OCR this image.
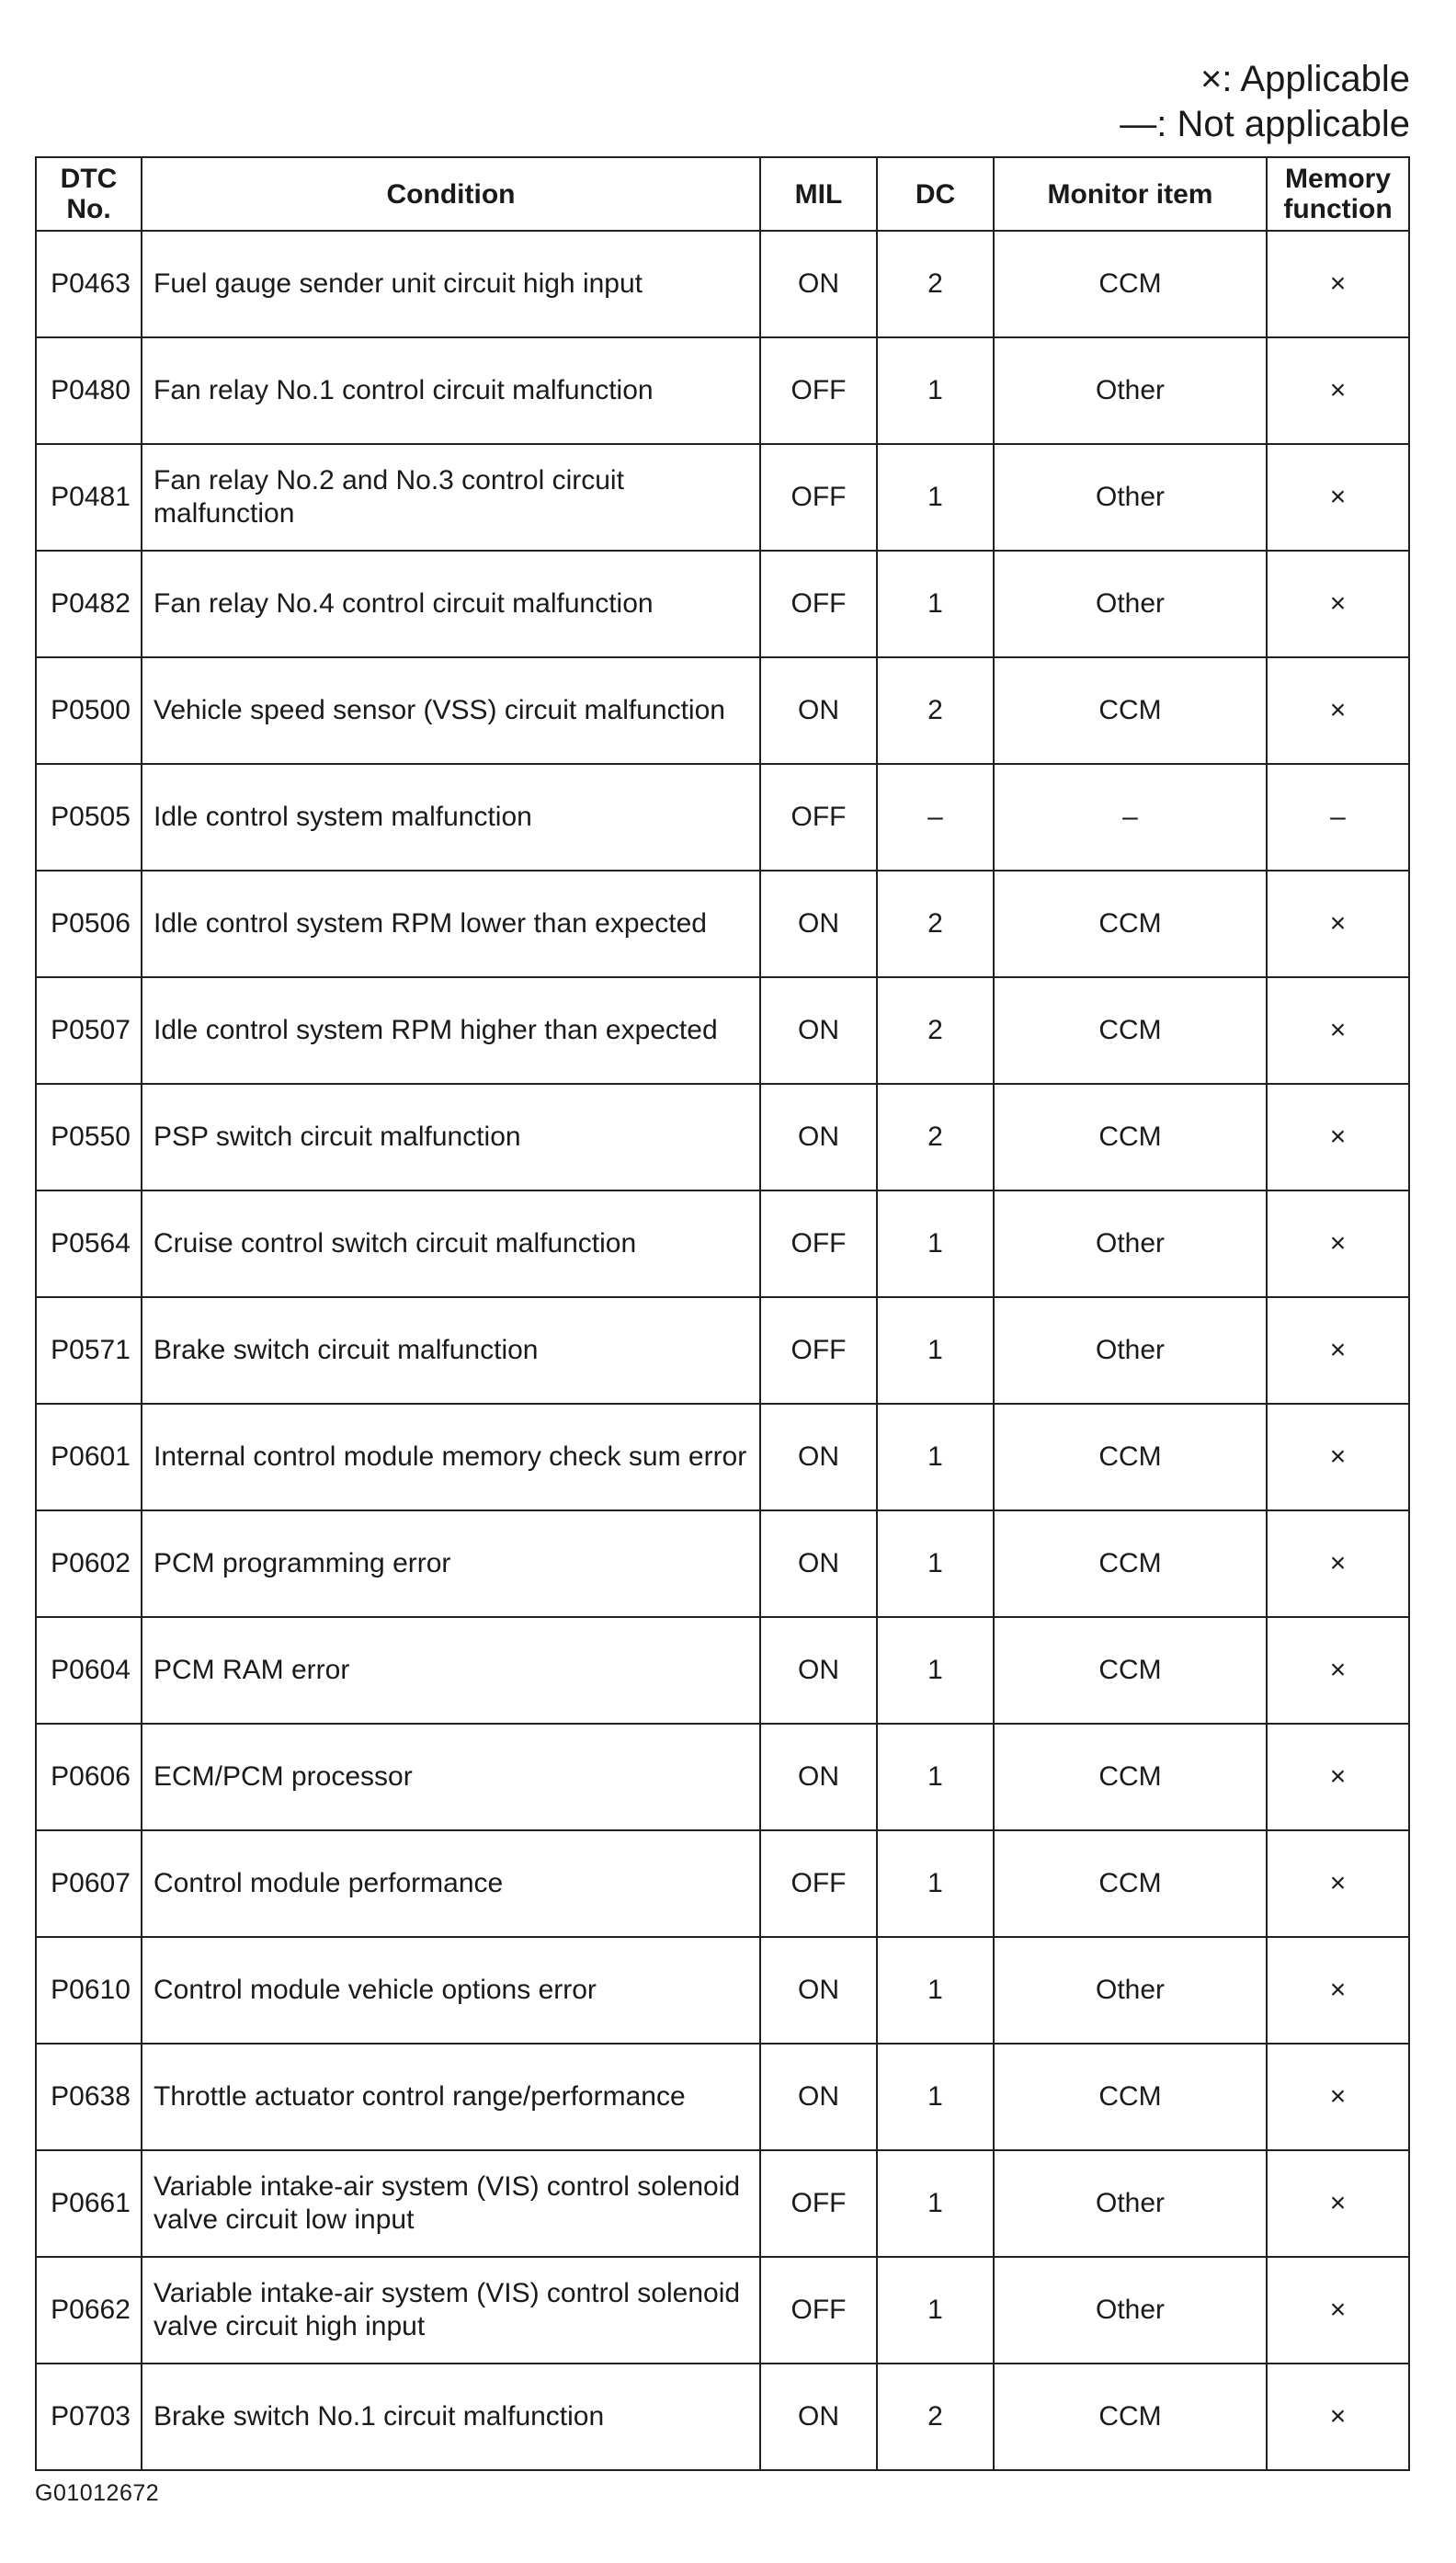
×: Applicable
—: Not applicable
DTC No.	Condition	MIL	DC	Monitor item	Memory function
P0463	Fuel gauge sender unit circuit high input	ON	2	CCM	×
P0480	Fan relay No.1 control circuit malfunction	OFF	1	Other	×
P0481	Fan relay No.2 and No.3 control circuit malfunction	OFF	1	Other	×
P0482	Fan relay No.4 control circuit malfunction	OFF	1	Other	×
P0500	Vehicle speed sensor (VSS) circuit malfunction	ON	2	CCM	×
P0505	Idle control system malfunction	OFF	–	–	–
P0506	Idle control system RPM lower than expected	ON	2	CCM	×
P0507	Idle control system RPM higher than expected	ON	2	CCM	×
P0550	PSP switch circuit malfunction	ON	2	CCM	×
P0564	Cruise control switch circuit malfunction	OFF	1	Other	×
P0571	Brake switch circuit malfunction	OFF	1	Other	×
P0601	Internal control module memory check sum error	ON	1	CCM	×
P0602	PCM programming error	ON	1	CCM	×
P0604	PCM RAM error	ON	1	CCM	×
P0606	ECM/PCM processor	ON	1	CCM	×
P0607	Control module performance	OFF	1	CCM	×
P0610	Control module vehicle options error	ON	1	Other	×
P0638	Throttle actuator control range/performance	ON	1	CCM	×
P0661	Variable intake-air system (VIS) control solenoid valve circuit low input	OFF	1	Other	×
P0662	Variable intake-air system (VIS) control solenoid valve circuit high input	OFF	1	Other	×
P0703	Brake switch No.1 circuit malfunction	ON	2	CCM	×
G01012672
